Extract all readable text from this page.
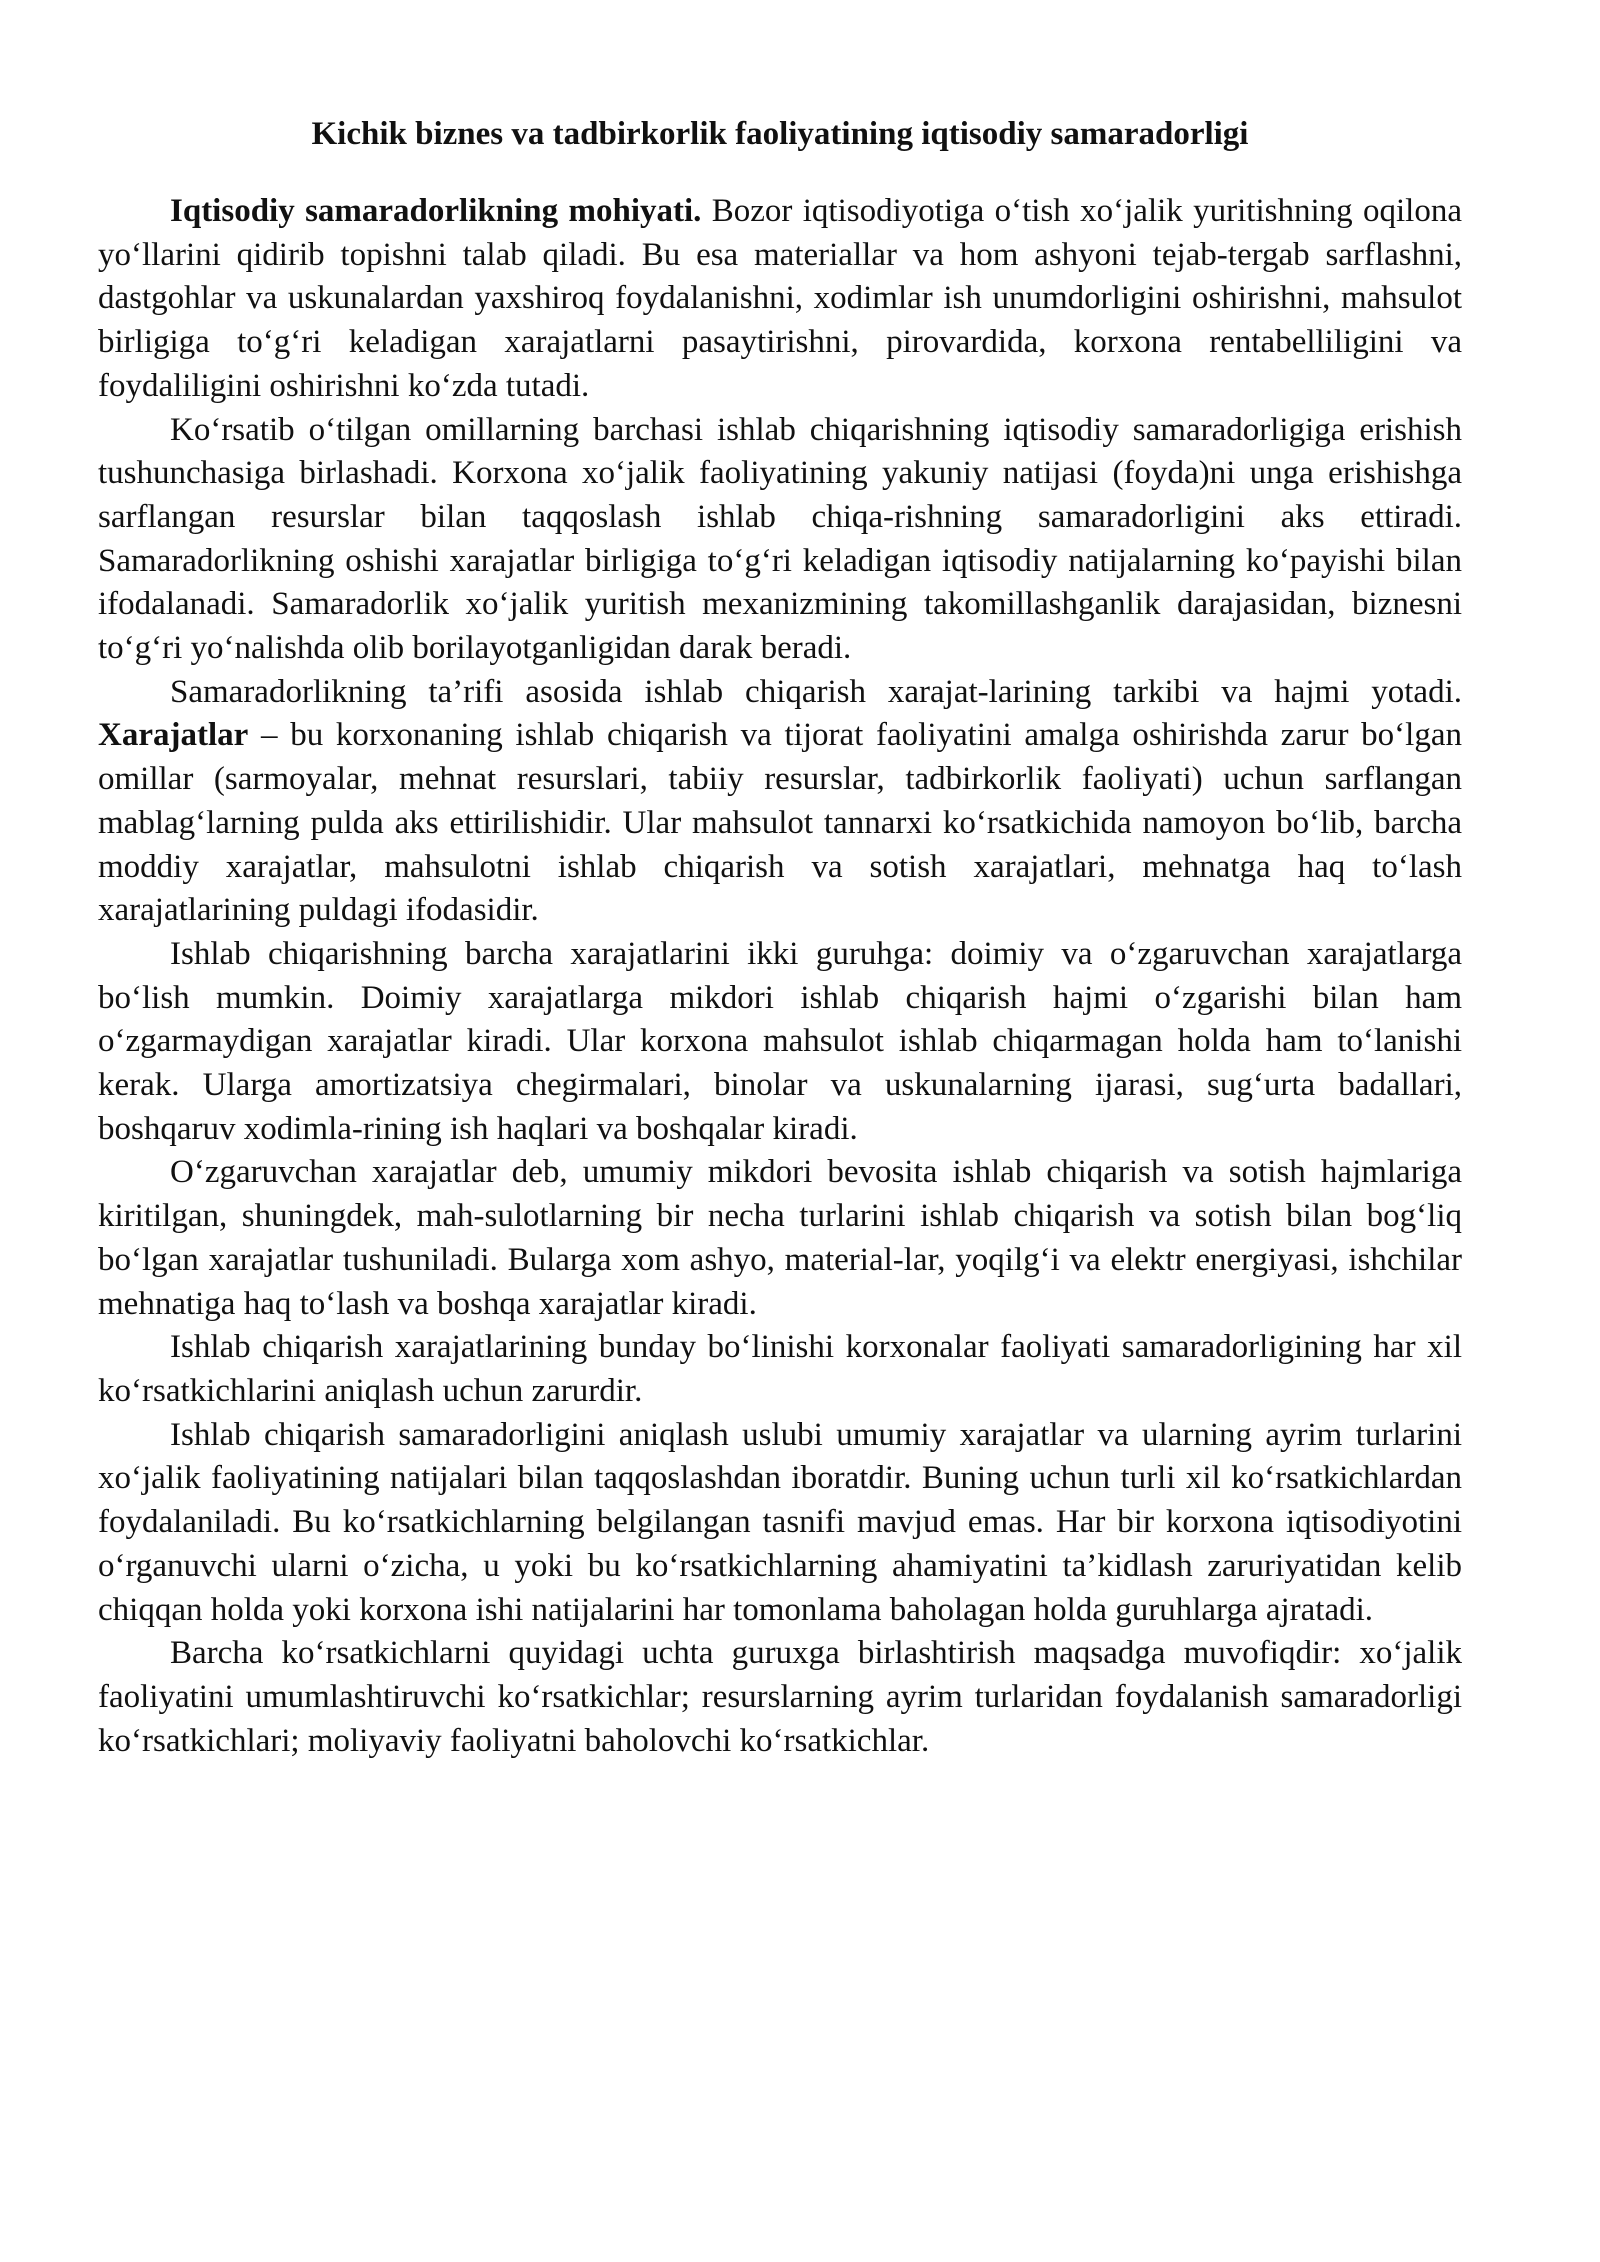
Kichik biznes va tadbirkorlik faoliyatining iqtisodiy samaradorligi

Iqtisodiy samaradorlikning mohiyati. Bozor iqtisodiyotiga o‘tish xo‘jalik yuritishning oqilona yo‘llarini qidirib topishni talab qiladi. Bu esa materiallar va hom ashyoni tejab-tergab sarflashni, dastgohlar va uskunalardan yaxshiroq foydalanishni, xodimlar ish unumdorligini oshirishni, mahsulot birligiga to‘g‘ri keladigan xarajatlarni pasaytirishni, pirovardida, korxona rentabelliligini va foydaliligini oshirishni ko‘zda tutadi.

Ko‘rsatib o‘tilgan omillarning barchasi ishlab chiqarishning iqtisodiy samaradorligiga erishish tushunchasiga birlashadi. Korxona xo‘jalik faoliyatining yakuniy natijasi (foyda)ni unga erishishga sarflangan resurslar bilan taqqoslash ishlab chiqa-rishning samaradorligini aks ettiradi. Samaradorlikning oshishi xarajatlar birligiga to‘g‘ri keladigan iqtisodiy natijalarning ko‘payishi bilan ifodalanadi. Samaradorlik xo‘jalik yuritish mexanizmining takomillashganlik darajasidan, biznesni to‘g‘ri yo‘nalishda olib borilayotganligidan darak beradi.

Samaradorlikning ta’rifi asosida ishlab chiqarish xarajat-larining tarkibi va hajmi yotadi. Xarajatlar – bu korxonaning ishlab chiqarish va tijorat faoliyatini amalga oshirishda zarur bo‘lgan omillar (sarmoyalar, mehnat resurslari, tabiiy resurslar, tadbirkorlik faoliyati) uchun sarflangan mablag‘larning pulda aks ettirilishidir. Ular mahsulot tannarxi ko‘rsatkichida namoyon bo‘lib, barcha moddiy xarajatlar, mahsulotni ishlab chiqarish va sotish xarajatlari, mehnatga haq to‘lash xarajatlarining puldagi ifodasidir.

Ishlab chiqarishning barcha xarajatlarini ikki guruhga: doimiy va o‘zgaruvchan xarajatlarga bo‘lish mumkin. Doimiy xarajatlarga mikdori ishlab chiqarish hajmi o‘zgarishi bilan ham o‘zgarmaydigan xarajatlar kiradi. Ular korxona mahsulot ishlab chiqarmagan holda ham to‘lanishi kerak. Ularga amortizatsiya chegirmalari, binolar va uskunalarning ijarasi, sug‘urta badallari, boshqaruv xodimla-rining ish haqlari va boshqalar kiradi.

O‘zgaruvchan xarajatlar deb, umumiy mikdori bevosita ishlab chiqarish va sotish hajmlariga kiritilgan, shuningdek, mah-sulotlarning bir necha turlarini ishlab chiqarish va sotish bilan bog‘liq bo‘lgan xarajatlar tushuniladi. Bularga xom ashyo, material-lar, yoqilg‘i va elektr energiyasi, ishchilar mehnatiga haq to‘lash va boshqa xarajatlar kiradi.

Ishlab chiqarish xarajatlarining bunday bo‘linishi korxonalar faoliyati samaradorligining har xil ko‘rsatkichlarini aniqlash uchun zarurdir.

Ishlab chiqarish samaradorligini aniqlash uslubi umumiy xarajatlar va ularning ayrim turlarini xo‘jalik faoliyatining natijalari bilan taqqoslashdan iboratdir. Buning uchun turli xil ko‘rsatkichlardan foydalaniladi. Bu ko‘rsatkichlarning belgilangan tasnifi mavjud emas. Har bir korxona iqtisodiyotini o‘rganuvchi ularni o‘zicha, u yoki bu ko‘rsatkichlarning ahamiyatini ta’kidlash zaruriyatidan kelib chiqqan holda yoki korxona ishi natijalarini har tomonlama baholagan holda guruhlarga ajratadi.

Barcha ko‘rsatkichlarni quyidagi uchta guruxga birlashtirish maqsadga muvofiqdir: xo‘jalik faoliyatini umumlashtiruvchi ko‘rsatkichlar; resurslarning ayrim turlaridan foydalanish samaradorligi ko‘rsatkichlari; moliyaviy faoliyatni baholovchi ko‘rsatkichlar.
